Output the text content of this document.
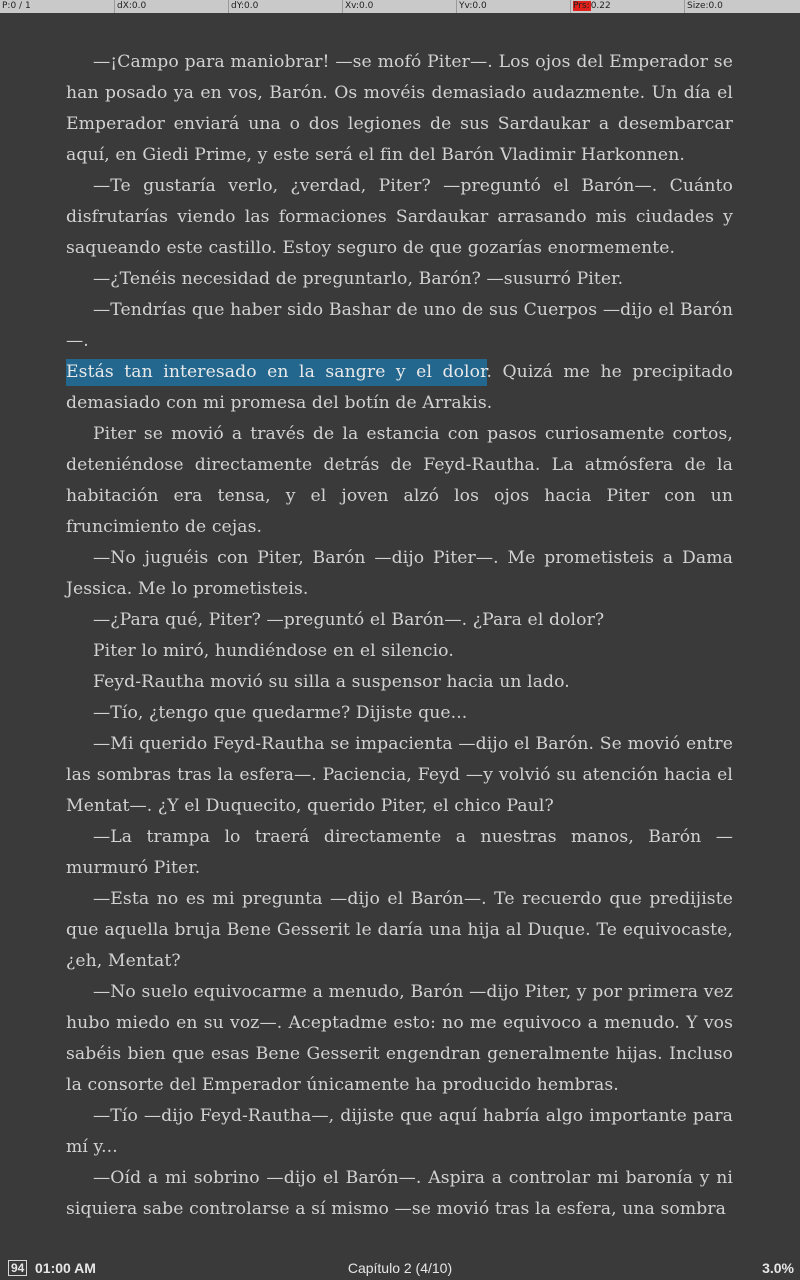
P:0 / 1	dX:0.0	dY:0.0	Xv:0.0	Yv:0.0	Prs:0.22	Size:0.0

—¡Campo para maniobrar! —se mofó Piter—. Los ojos del Emperador se han posado ya en vos, Barón. Os movéis demasiado audazmente. Un día el Emperador enviará una o dos legiones de sus Sardaukar a desembarcar aquí, en Giedi Prime, y este será el fin del Barón Vladimir Harkonnen.

—Te gustaría verlo, ¿verdad, Piter? —preguntó el Barón—. Cuánto disfrutarías viendo las formaciones Sardaukar arrasando mis ciudades y saqueando este castillo. Estoy seguro de que gozarías enormemente.

—¿Tenéis necesidad de preguntarlo, Barón? —susurró Piter.

—Tendrías que haber sido Bashar de uno de sus Cuerpos —dijo el Barón—.

Estás tan interesado en la sangre y el dolor. Quizá me he precipitado demasiado con mi promesa del botín de Arrakis.

Piter se movió a través de la estancia con pasos curiosamente cortos, deteniéndose directamente detrás de Feyd-Rautha. La atmósfera de la habitación era tensa, y el joven alzó los ojos hacia Piter con un fruncimiento de cejas.

—No juguéis con Piter, Barón —dijo Piter—. Me prometisteis a Dama Jessica. Me lo prometisteis.

—¿Para qué, Piter? —preguntó el Barón—. ¿Para el dolor?

Piter lo miró, hundiéndose en el silencio.

Feyd-Rautha movió su silla a suspensor hacia un lado.

—Tío, ¿tengo que quedarme? Dijiste que...

—Mi querido Feyd-Rautha se impacienta —dijo el Barón. Se movió entre las sombras tras la esfera—. Paciencia, Feyd —y volvió su atención hacia el Mentat—. ¿Y el Duquecito, querido Piter, el chico Paul?

—La trampa lo traerá directamente a nuestras manos, Barón —murmuró Piter.

—Esta no es mi pregunta —dijo el Barón—. Te recuerdo que predijiste que aquella bruja Bene Gesserit le daría una hija al Duque. Te equivocaste, ¿eh, Mentat?

—No suelo equivocarme a menudo, Barón —dijo Piter, y por primera vez hubo miedo en su voz—. Aceptadme esto: no me equivoco a menudo. Y vos sabéis bien que esas Bene Gesserit engendran generalmente hijas. Incluso la consorte del Emperador únicamente ha producido hembras.

—Tío —dijo Feyd-Rautha—, dijiste que aquí habría algo importante para mí y...

—Oíd a mi sobrino —dijo el Barón—. Aspira a controlar mi baronía y ni siquiera sabe controlarse a sí mismo —se movió tras la esfera, una sombra

94 01:00 AM	Capítulo 2 (4/10)	3.0%
